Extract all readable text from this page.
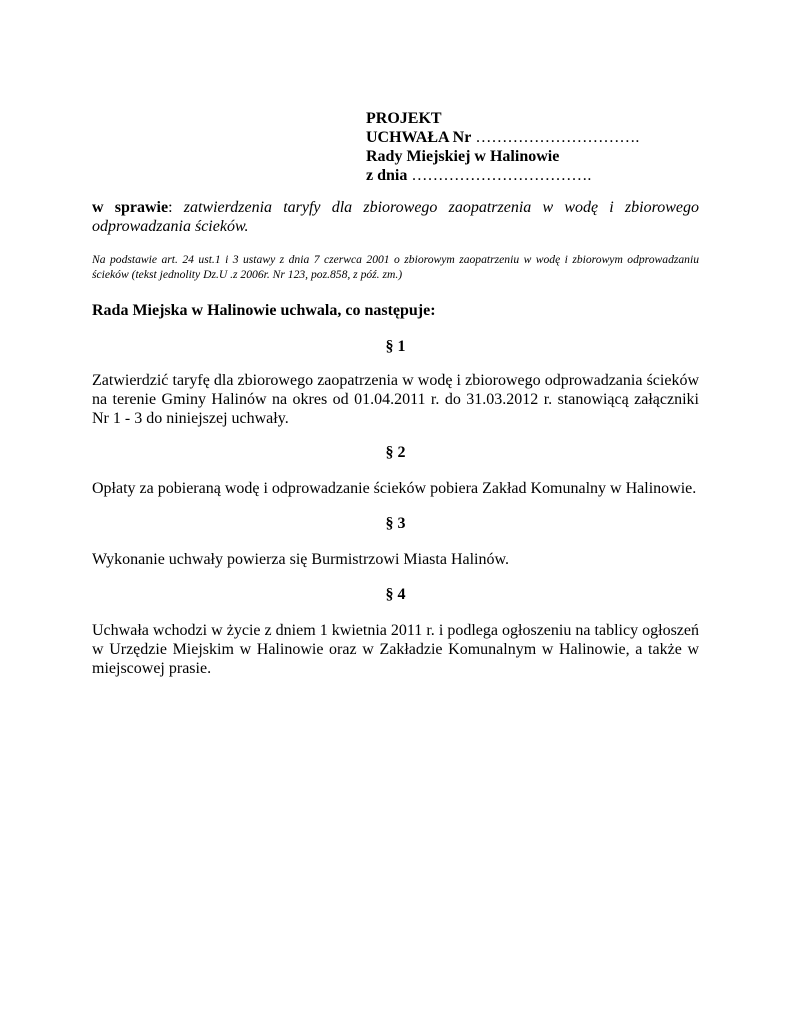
PROJEKT
UCHWAŁA Nr ………………………….
Rady Miejskiej w Halinowie
z dnia …………………………….
w sprawie: zatwierdzenia taryfy dla zbiorowego zaopatrzenia w wodę i zbiorowego odprowadzania ścieków.
Na podstawie art. 24 ust.1 i 3 ustawy z dnia 7 czerwca 2001 o zbiorowym zaopatrzeniu w wodę i zbiorowym odprowadzaniu ścieków (tekst jednolity Dz.U .z 2006r. Nr 123, poz.858, z póź. zm.)
Rada Miejska w Halinowie uchwala, co następuje:
§ 1
Zatwierdzić taryfę dla zbiorowego zaopatrzenia w wodę i zbiorowego odprowadzania ścieków na terenie Gminy Halinów na okres od 01.04.2011 r. do 31.03.2012 r. stanowiącą załączniki Nr 1 - 3 do niniejszej uchwały.
§ 2
Opłaty za pobieraną wodę i odprowadzanie ścieków pobiera Zakład Komunalny w Halinowie.
§ 3
Wykonanie uchwały powierza się Burmistrzowi Miasta Halinów.
§ 4
Uchwała wchodzi w życie z dniem 1 kwietnia 2011 r. i podlega ogłoszeniu na tablicy ogłoszeń w Urzędzie Miejskim w Halinowie oraz w Zakładzie Komunalnym w Halinowie, a także w miejscowej prasie.
